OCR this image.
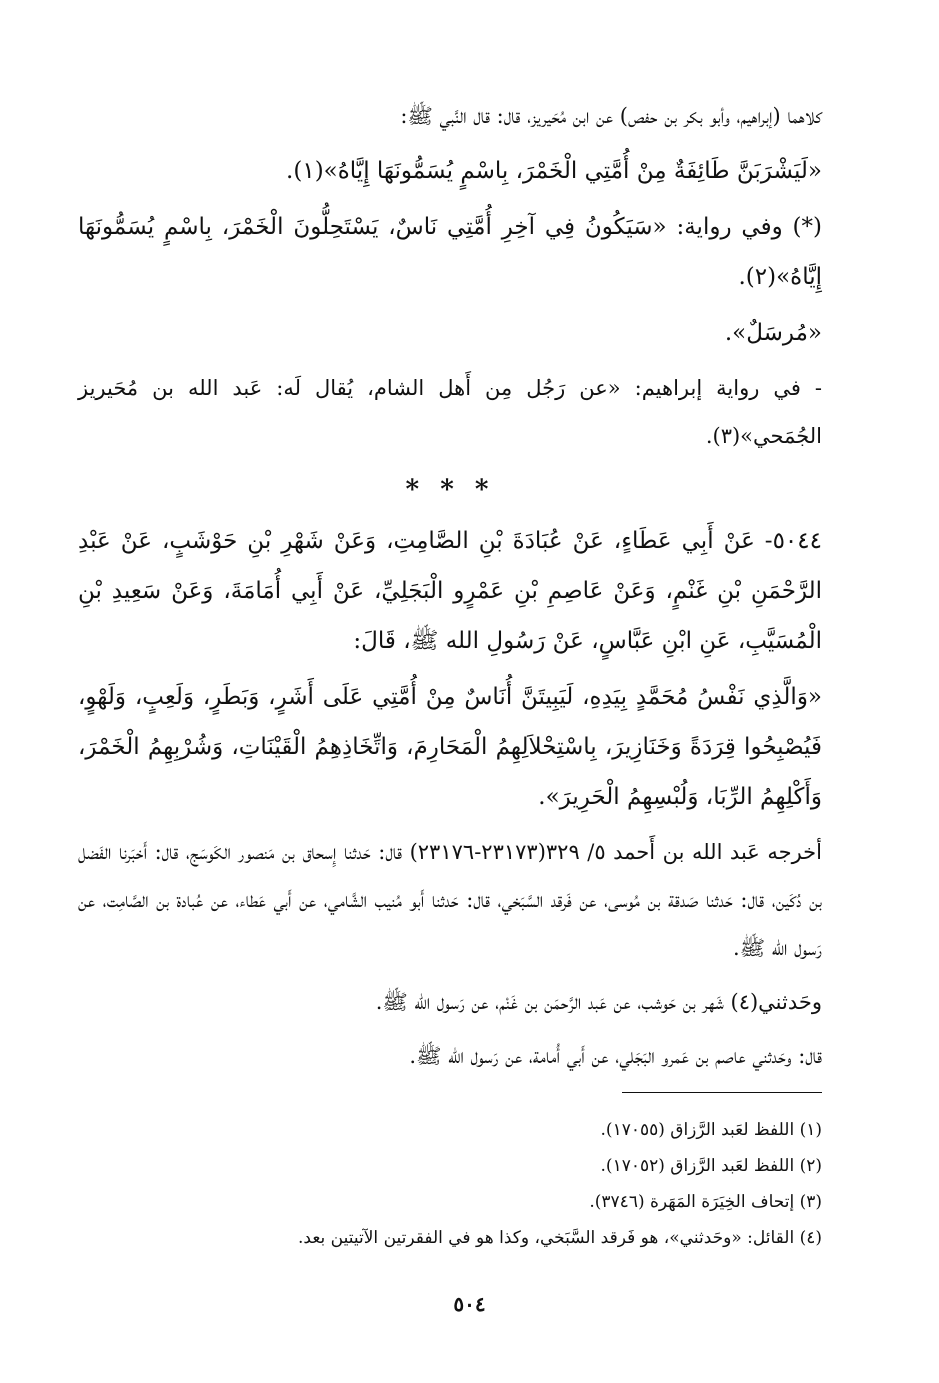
كلاهما (إبراهيم، وأبو بكر بن حفص) عن ابن مُحَيريز، قال: قال النَّبي ﷺ:

«لَيَشْرَبَنَّ طَائِفَةٌ مِنْ أُمَّتِي الْخَمْرَ، بِاسْمٍ يُسَمُّونَهَا إِيَّاهُ»(١).

(*) وفي رواية: «سَيَكُونُ فِي آخِرِ أُمَّتِي نَاسٌ، يَسْتَحِلُّونَ الْخَمْرَ، بِاسْمٍ يُسَمُّونَهَا إِيَّاهُ»(٢).

«مُرسَلٌ».

- في رواية إبراهيم: «عن رَجُل مِن أَهل الشام، يُقال لَه: عَبد الله بن مُحَيريز الجُمَحي»(٣).

* * *

٥٠٤٤- عَنْ أَبِي عَطَاءٍ، عَنْ عُبَادَةَ بْنِ الصَّامِتِ، وَعَنْ شَهْرِ بْنِ حَوْشَبٍ، عَنْ عَبْدِ الرَّحْمَنِ بْنِ غَنْمٍ، وَعَنْ عَاصِمِ بْنِ عَمْرٍو الْبَجَلِيِّ، عَنْ أَبِي أُمَامَةَ، وَعَنْ سَعِيدِ بْنِ الْمُسَيَّبِ، عَنِ ابْنِ عَبَّاسٍ، عَنْ رَسُولِ الله ﷺ، قَالَ:

«وَالَّذِي نَفْسُ مُحَمَّدٍ بِيَدِهِ، لَيَبِيتَنَّ أُنَاسٌ مِنْ أُمَّتِي عَلَى أَشَرٍ، وَبَطَرٍ، وَلَعِبٍ، وَلَهْوٍ، فَيُصْبِحُوا قِرَدَةً وَخَنَازِيرَ، بِاسْتِحْلاَلِهِمُ الْمَحَارِمَ، وَاتِّخَاذِهِمُ الْقَيْنَاتِ، وَشُرْبِهِمُ الْخَمْرَ، وَأَكْلِهِمُ الرِّبَا، وَلُبْسِهِمُ الْحَرِيرَ».

أخرجه عَبد الله بن أَحمد ٥/ ٣٢٩(٢٣١٧٣-٢٣١٧٦) قال: حَدثنا إِسحاق بن مَنصور الكَوسَج، قال: أَخبَرنا الفَضل بن دُكَين، قال: حَدثنا صَدقة بن مُوسى، عن فَرقد السَّبَخي، قال: حَدثنا أَبو مُنيب الشَّامي، عن أَبي عَطاء، عن عُبادة بن الصَّامِت، عن رَسول الله ﷺ.

وحَدثني(٤) شَهر بن حَوشب، عن عَبد الرَّحمَن بن غَنْم، عن رَسول الله ﷺ.

قال: وحَدثني عاصم بن عَمرو البَجَلي، عن أَبي أُمامة، عن رَسول الله ﷺ.

(١) اللفظ لعَبد الرَّزاق (١٧٠٥٥).

(٢) اللفظ لعَبد الرَّزاق (١٧٠٥٢).

(٣) إتحاف الخِيَرَة المَهَرة (٣٧٤٦).

(٤) القائل: «وحَدثني»، هو فَرقد السَّبَخي، وكذا هو في الفقرتين الآتيتين بعد.

٥٠٤
